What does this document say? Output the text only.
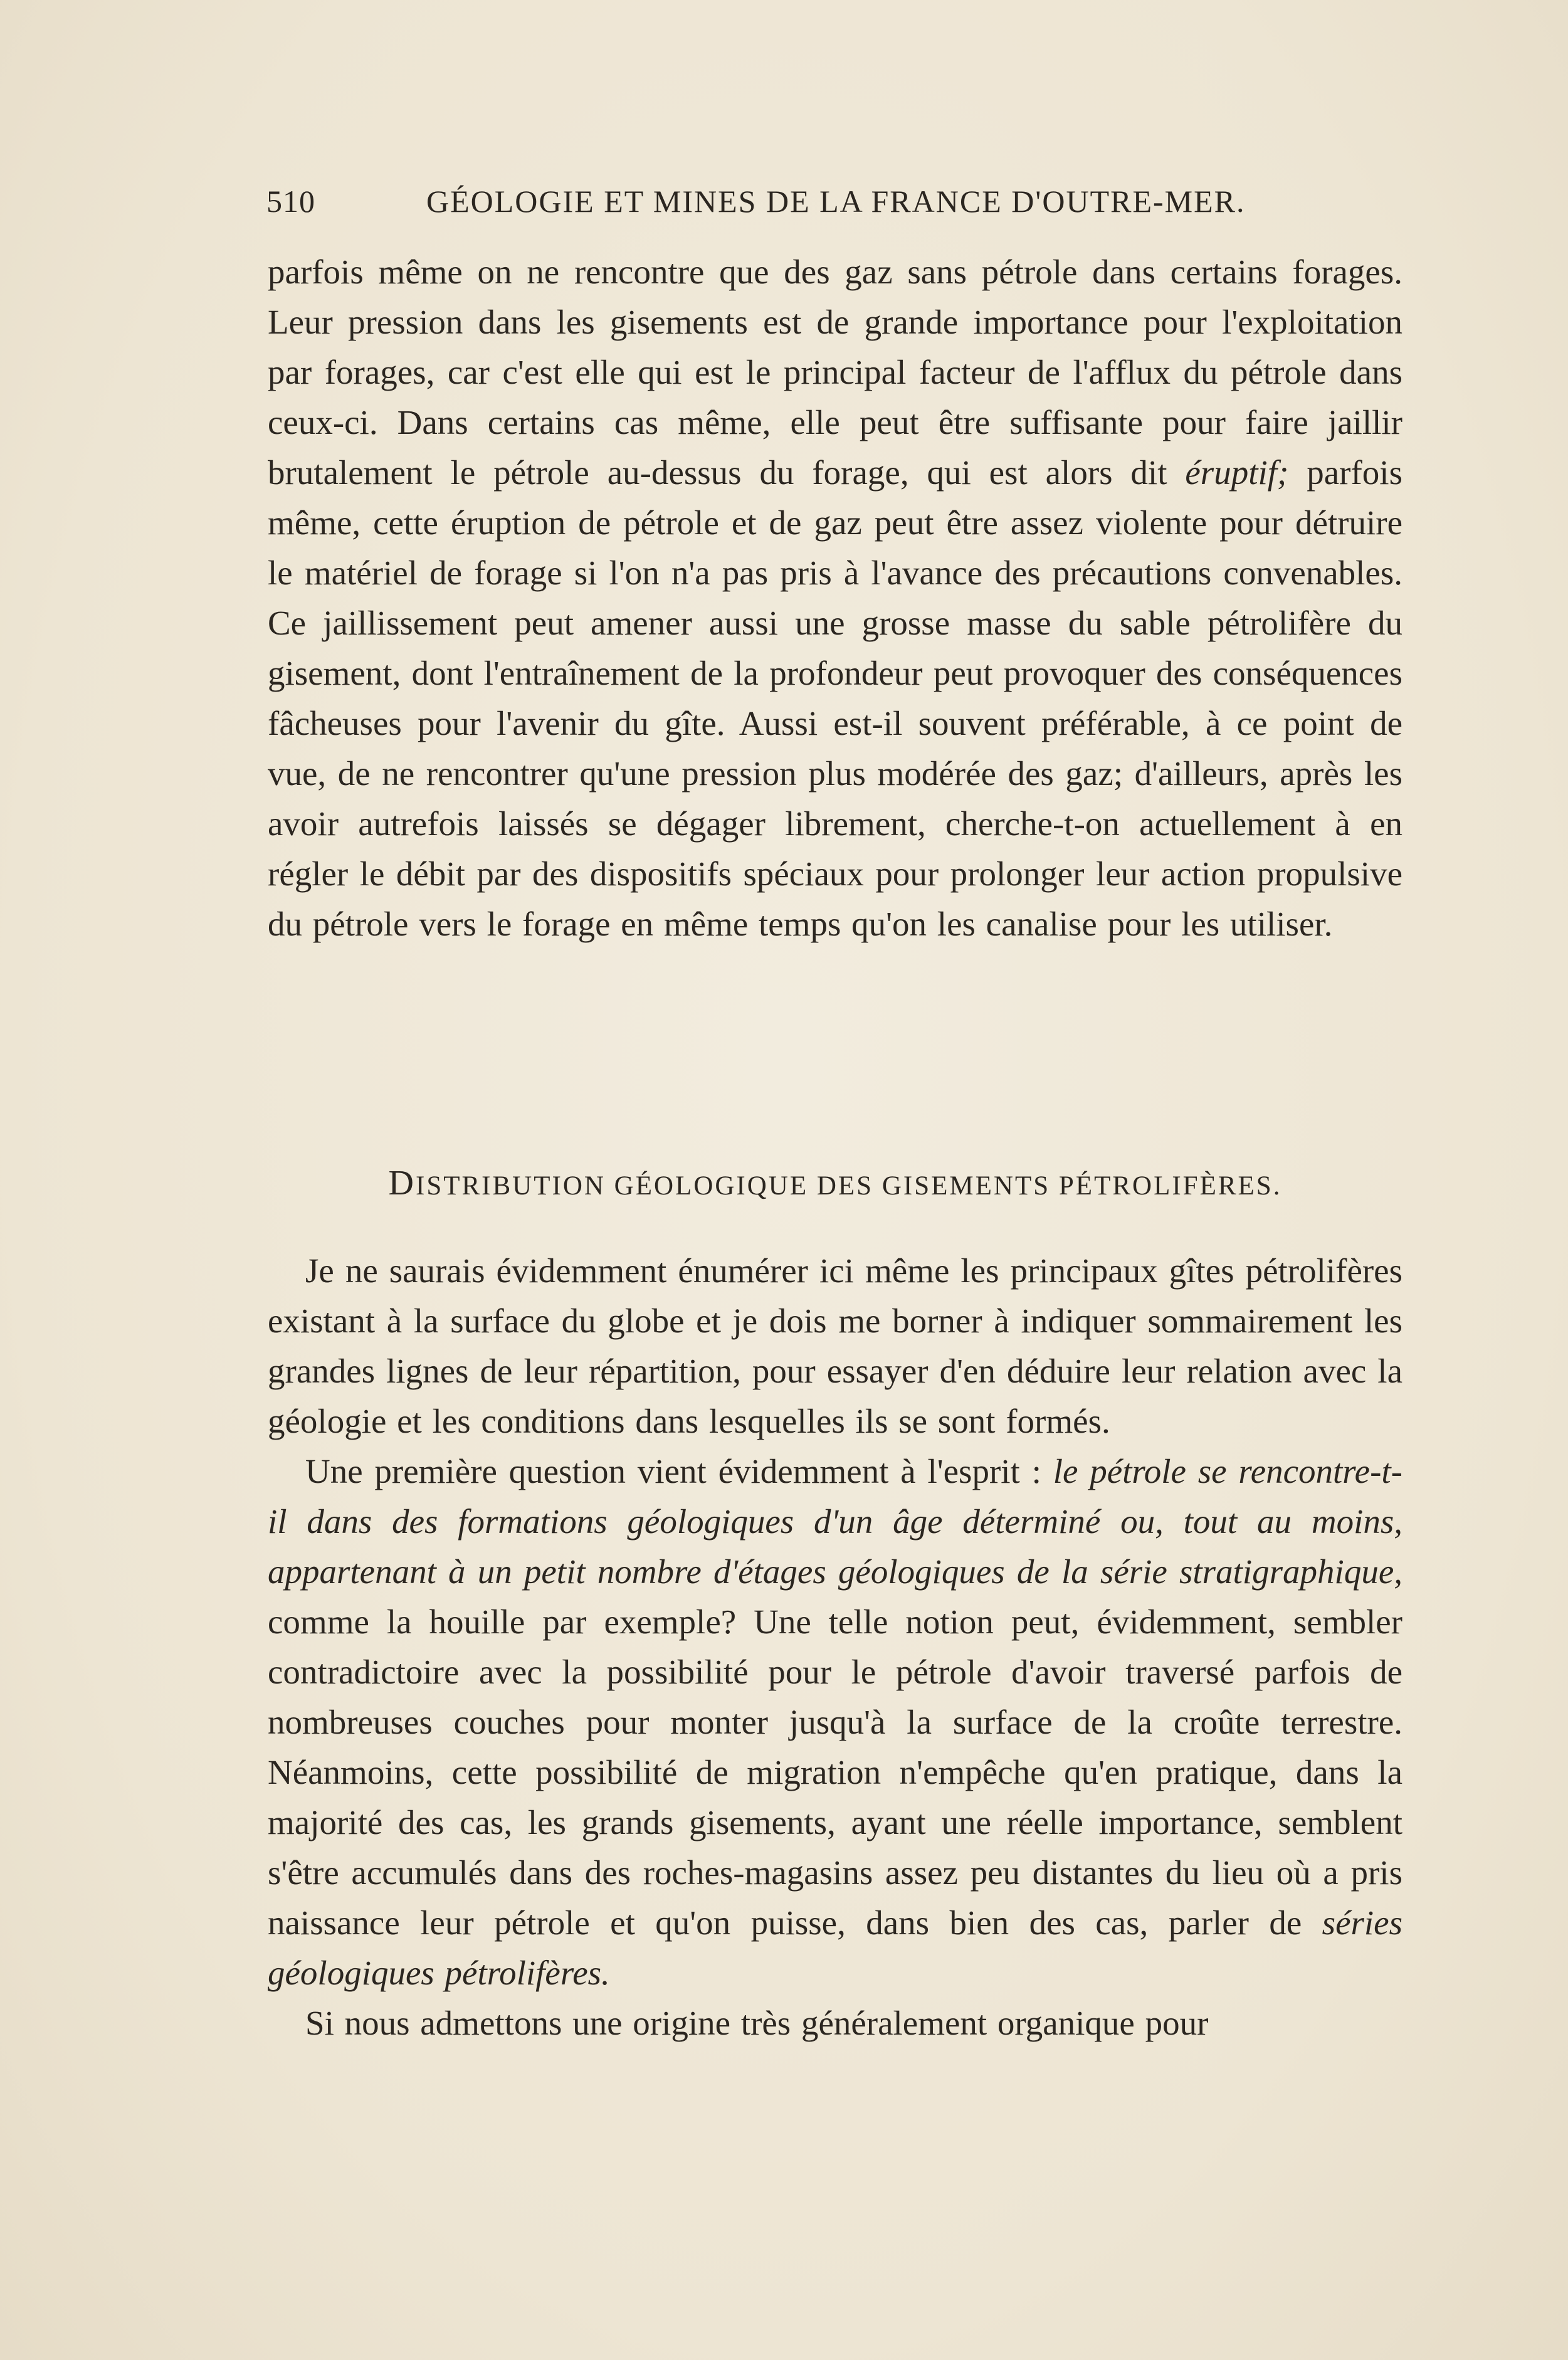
510	GÉOLOGIE ET MINES DE LA FRANCE D'OUTRE-MER.

parfois même on ne rencontre que des gaz sans pétrole dans certains forages. Leur pression dans les gisements est de grande importance pour l'exploitation par forages, car c'est elle qui est le principal facteur de l'afflux du pétrole dans ceux-ci. Dans certains cas même, elle peut être suffisante pour faire jaillir brutalement le pétrole au-dessus du forage, qui est alors dit éruptif; parfois même, cette éruption de pétrole et de gaz peut être assez violente pour détruire le matériel de forage si l'on n'a pas pris à l'avance des précautions convenables. Ce jaillissement peut amener aussi une grosse masse du sable pétrolifère du gisement, dont l'entraînement de la profondeur peut provoquer des conséquences fâcheuses pour l'avenir du gîte. Aussi est-il souvent préférable, à ce point de vue, de ne rencontrer qu'une pression plus modérée des gaz; d'ailleurs, après les avoir autrefois laissés se dégager librement, cherche-t-on actuellement à en régler le débit par des dispositifs spéciaux pour prolonger leur action propulsive du pétrole vers le forage en même temps qu'on les canalise pour les utiliser.

DISTRIBUTION GÉOLOGIQUE DES GISEMENTS PÉTROLIFÈRES.

Je ne saurais évidemment énumérer ici même les principaux gîtes pétrolifères existant à la surface du globe et je dois me borner à indiquer sommairement les grandes lignes de leur répartition, pour essayer d'en déduire leur relation avec la géologie et les conditions dans lesquelles ils se sont formés.

Une première question vient évidemment à l'esprit : le pétrole se rencontre-t-il dans des formations géologiques d'un âge déterminé ou, tout au moins, appartenant à un petit nombre d'étages géologiques de la série stratigraphique, comme la houille par exemple? Une telle notion peut, évidemment, sembler contradictoire avec la possibilité pour le pétrole d'avoir traversé parfois de nombreuses couches pour monter jusqu'à la surface de la croûte terrestre. Néanmoins, cette possibilité de migration n'empêche qu'en pratique, dans la majorité des cas, les grands gisements, ayant une réelle importance, semblent s'être accumulés dans des roches-magasins assez peu distantes du lieu où a pris naissance leur pétrole et qu'on puisse, dans bien des cas, parler de séries géologiques pétrolifères.

Si nous admettons une origine très généralement organique pour
